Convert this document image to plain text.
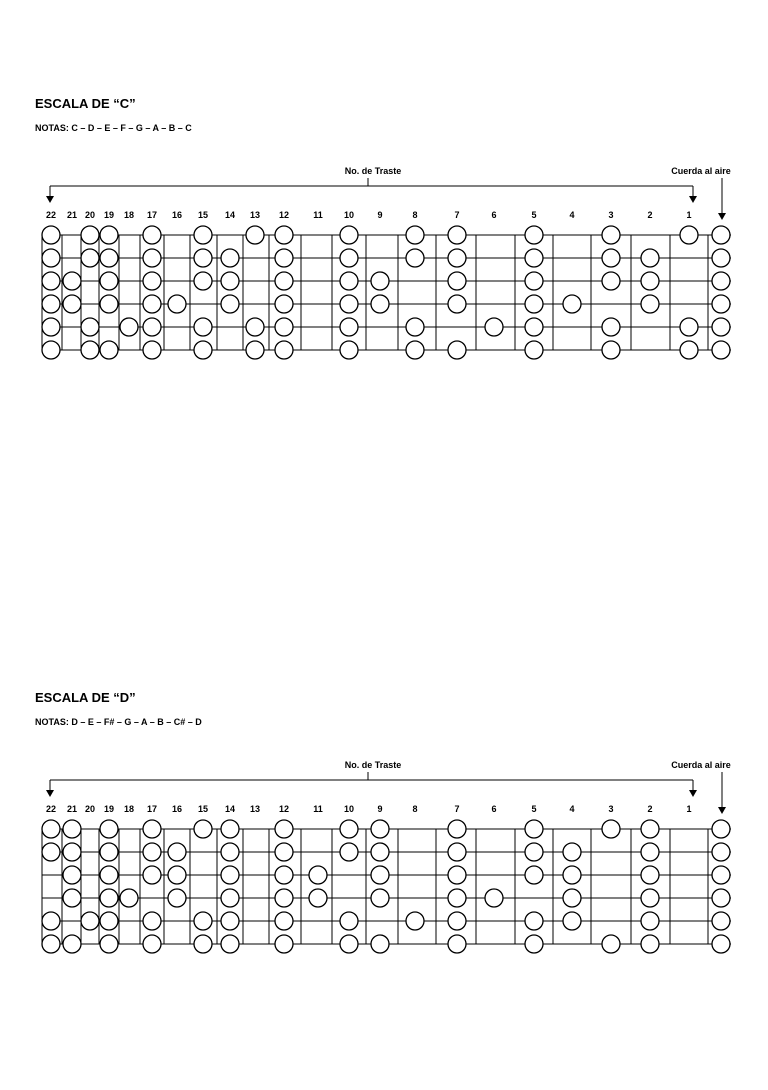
ESCALA DE “C”

NOTAS: C – D – E – F – G – A – B – C

No. de Traste	Cuerda al aire
22 21 20 19 18 17 16 15 14 13 12	11 10	9	8	7	6	5	4	3	2	1
ESCALA DE “D”

NOTAS: D – E – F# – G – A – B – C# – D

No. de Traste	Cuerda al aire
22 21 20 19 18 17 16 15 14 13 12	11 10	9	8	7	6	5	4	3	2	1
